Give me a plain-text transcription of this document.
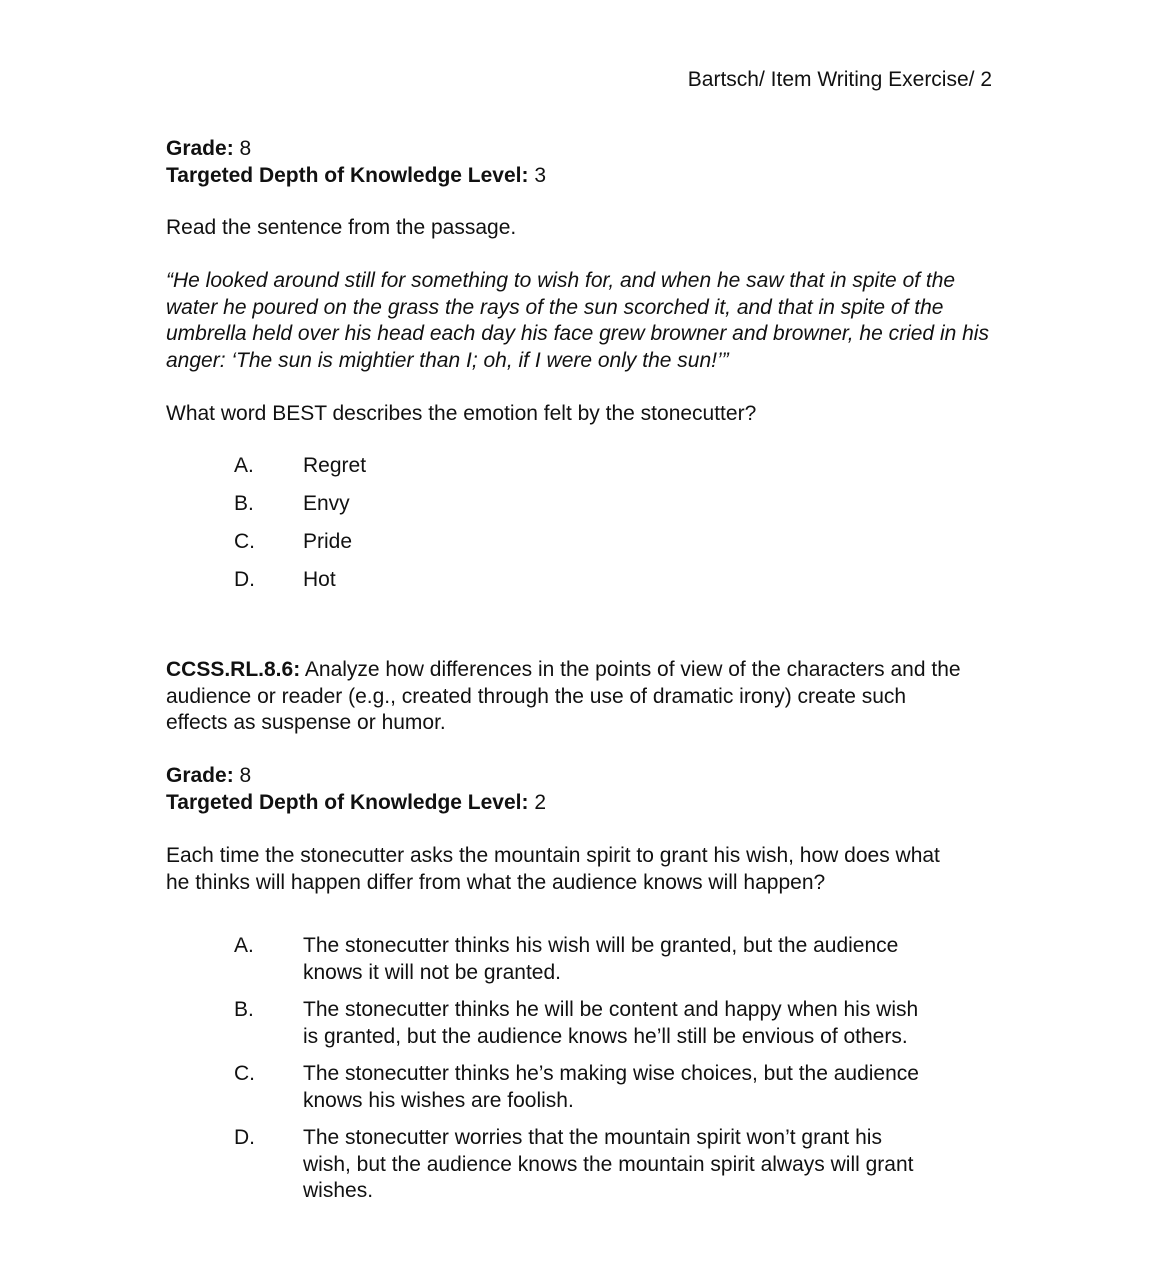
Bartsch/ Item Writing Exercise/ 2

Grade: 8

Targeted Depth of Knowledge Level: 3

Read the sentence from the passage.

“He looked around still for something to wish for, and when he saw that in spite of the water he poured on the grass the rays of the sun scorched it, and that in spite of the umbrella held over his head each day his face grew browner and browner, he cried in his anger: ‘The sun is mightier than I; oh, if I were only the sun!’”

What word BEST describes the emotion felt by the stonecutter?

A.	Regret
B.	Envy
C.	Pride
D.	Hot

CCSS.RL.8.6: Analyze how differences in the points of view of the characters and the audience or reader (e.g., created through the use of dramatic irony) create such effects as suspense or humor.

Grade: 8

Targeted Depth of Knowledge Level: 2

Each time the stonecutter asks the mountain spirit to grant his wish, how does what he thinks will happen differ from what the audience knows will happen?

A.	The stonecutter thinks his wish will be granted, but the audience knows it will not be granted.
B.	The stonecutter thinks he will be content and happy when his wish is granted, but the audience knows he’ll still be envious of others.
C.	The stonecutter thinks he’s making wise choices, but the audience knows his wishes are foolish.
D.	The stonecutter worries that the mountain spirit won’t grant his wish, but the audience knows the mountain spirit always will grant wishes.
